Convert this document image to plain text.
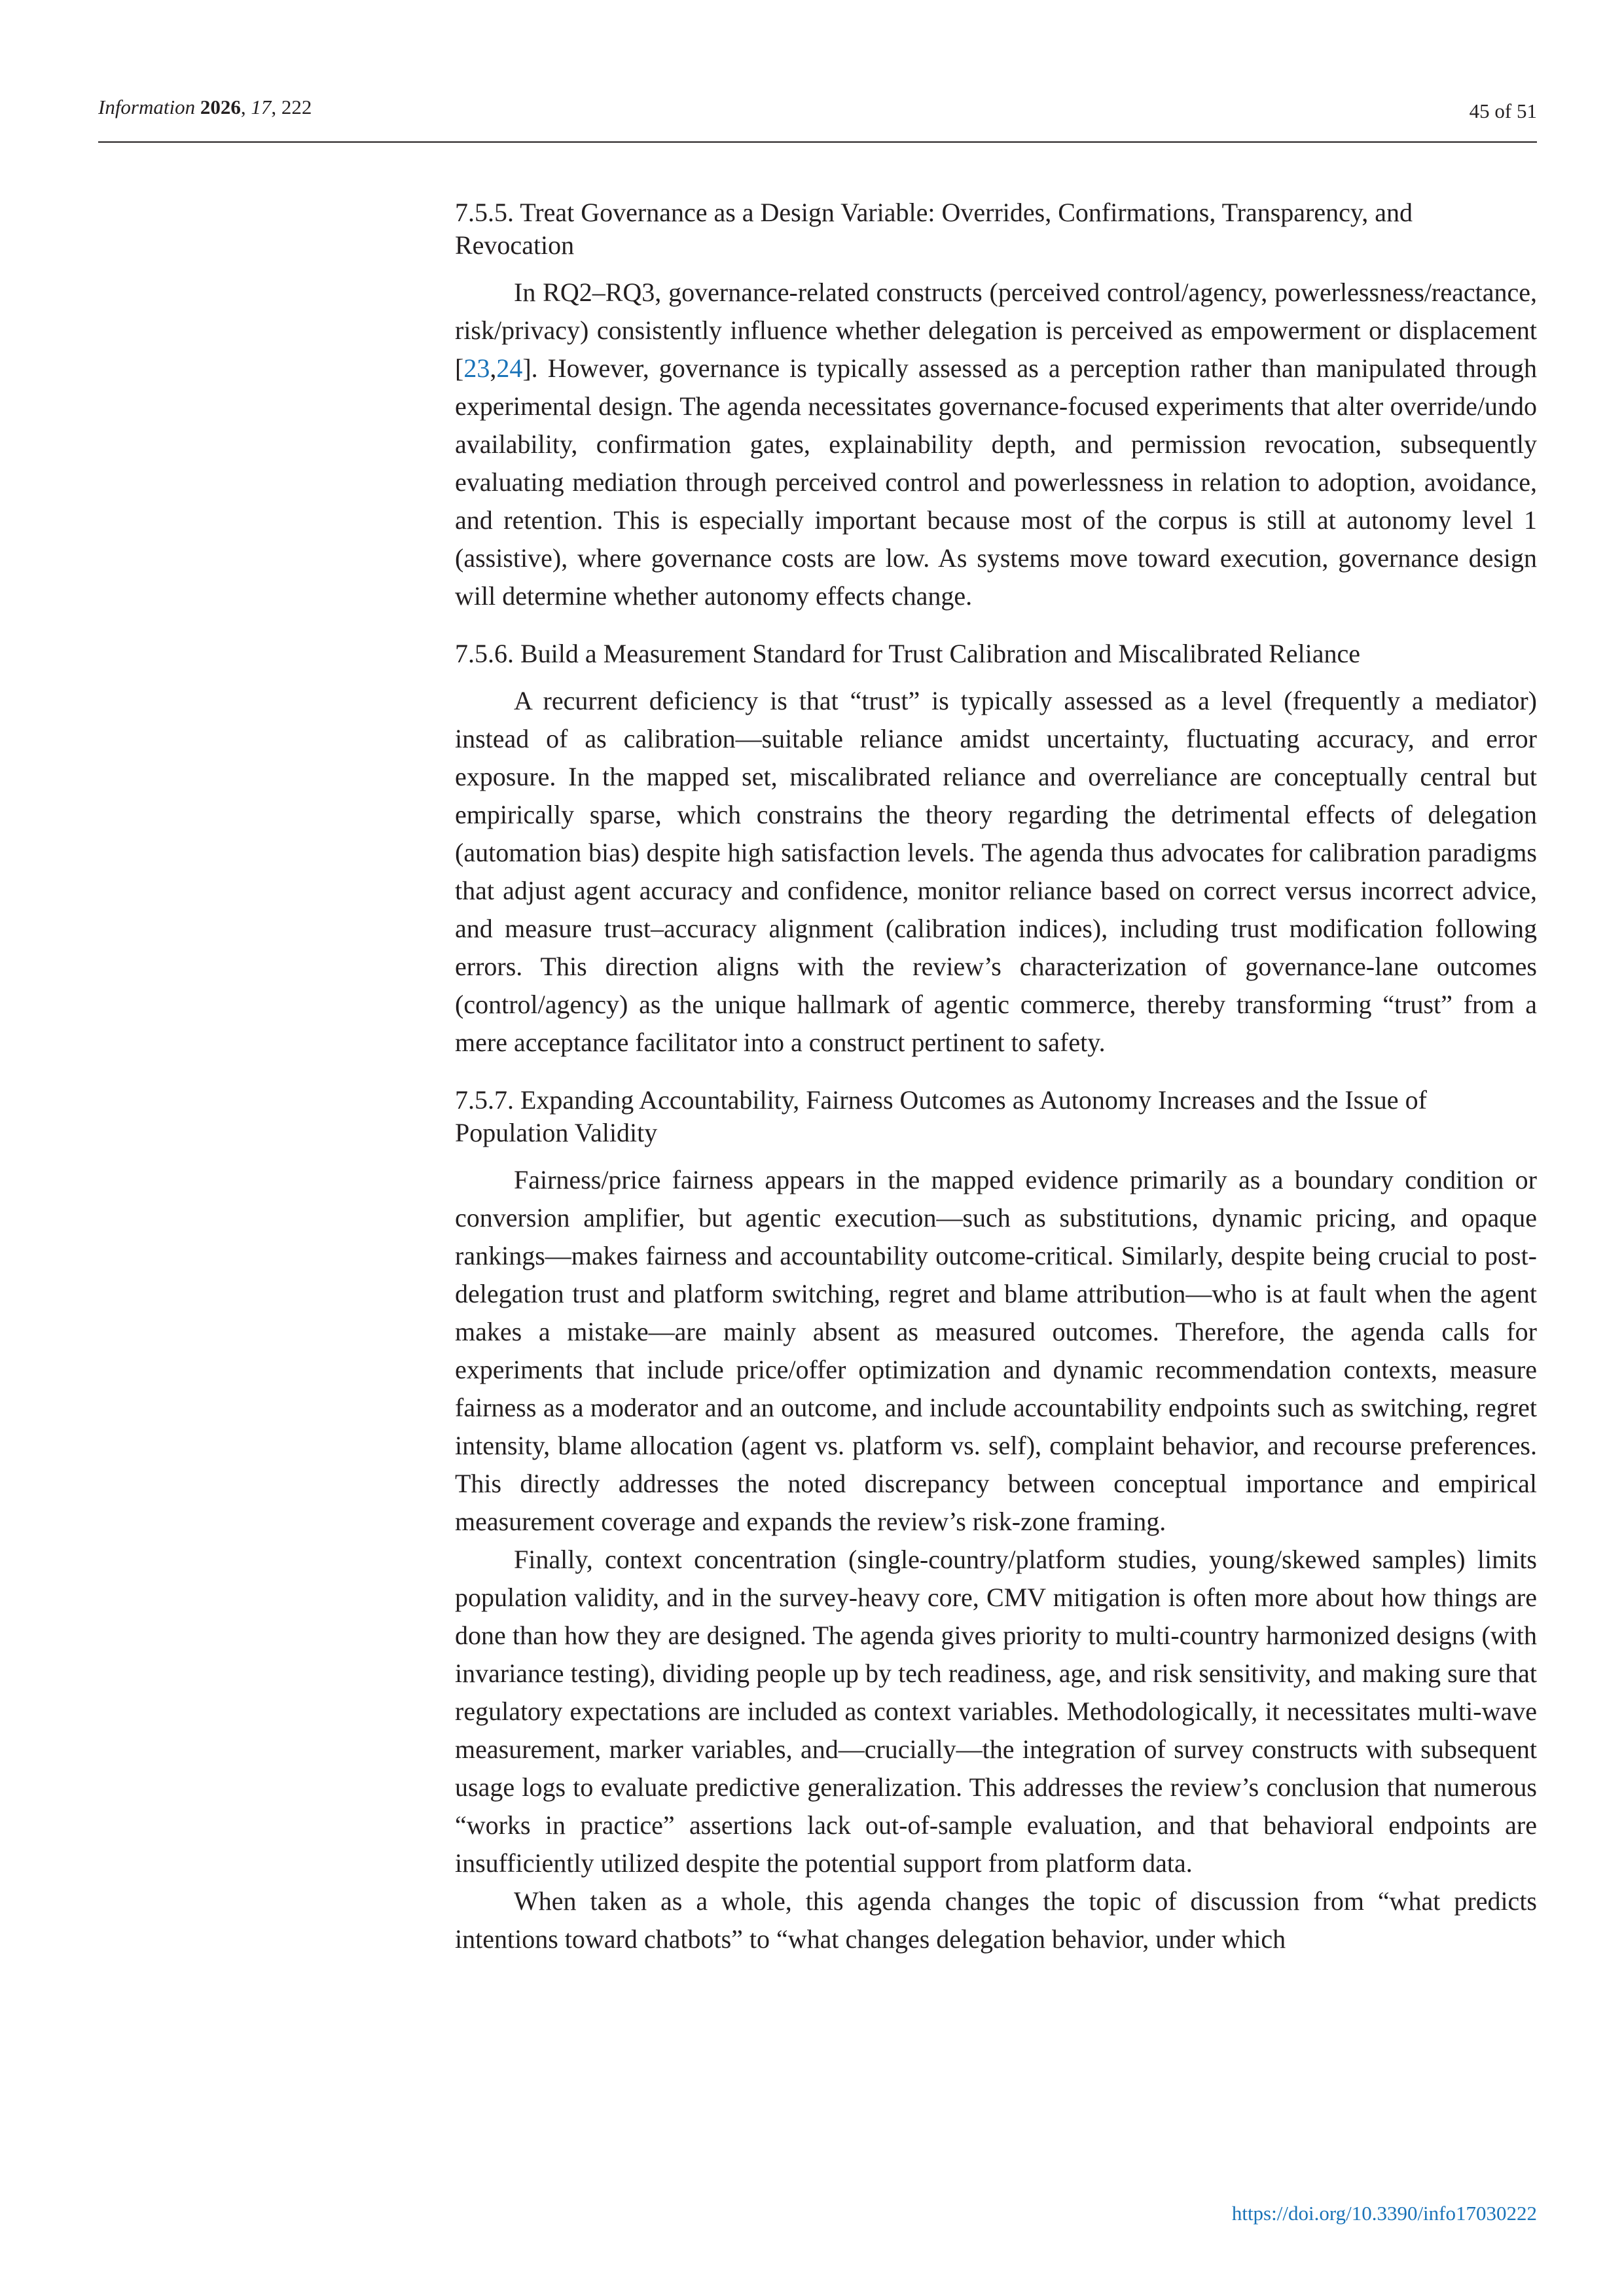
Information 2026, 17, 222	45 of 51
7.5.5. Treat Governance as a Design Variable: Overrides, Confirmations, Transparency, and Revocation

In RQ2–RQ3, governance-related constructs (perceived control/agency, powerlessness/reactance, risk/privacy) consistently influence whether delegation is perceived as empowerment or displacement [23,24]. However, governance is typically assessed as a perception rather than manipulated through experimental design. The agenda necessitates governance-focused experiments that alter override/undo availability, confirmation gates, explainability depth, and permission revocation, subsequently evaluating mediation through perceived control and powerlessness in relation to adoption, avoidance, and retention. This is especially important because most of the corpus is still at autonomy level 1 (assistive), where governance costs are low. As systems move toward execution, governance design will determine whether autonomy effects change.

7.5.6. Build a Measurement Standard for Trust Calibration and Miscalibrated Reliance

A recurrent deficiency is that “trust” is typically assessed as a level (frequently a mediator) instead of as calibration—suitable reliance amidst uncertainty, fluctuating accuracy, and error exposure. In the mapped set, miscalibrated reliance and overreliance are conceptually central but empirically sparse, which constrains the theory regarding the detrimental effects of delegation (automation bias) despite high satisfaction levels. The agenda thus advocates for calibration paradigms that adjust agent accuracy and confidence, monitor reliance based on correct versus incorrect advice, and measure trust–accuracy alignment (calibration indices), including trust modification following errors. This direction aligns with the review’s characterization of governance-lane outcomes (control/agency) as the unique hallmark of agentic commerce, thereby transforming “trust” from a mere acceptance facilitator into a construct pertinent to safety.

7.5.7. Expanding Accountability, Fairness Outcomes as Autonomy Increases and the Issue of Population Validity

Fairness/price fairness appears in the mapped evidence primarily as a boundary condition or conversion amplifier, but agentic execution—such as substitutions, dynamic pricing, and opaque rankings—makes fairness and accountability outcome-critical. Similarly, despite being crucial to post-delegation trust and platform switching, regret and blame attribution—who is at fault when the agent makes a mistake—are mainly absent as measured outcomes. Therefore, the agenda calls for experiments that include price/offer optimization and dynamic recommendation contexts, measure fairness as a moderator and an outcome, and include accountability endpoints such as switching, regret intensity, blame allocation (agent vs. platform vs. self), complaint behavior, and recourse preferences. This directly addresses the noted discrepancy between conceptual importance and empirical measurement coverage and expands the review’s risk-zone framing.

Finally, context concentration (single-country/platform studies, young/skewed samples) limits population validity, and in the survey-heavy core, CMV mitigation is often more about how things are done than how they are designed. The agenda gives priority to multi-country harmonized designs (with invariance testing), dividing people up by tech readiness, age, and risk sensitivity, and making sure that regulatory expectations are included as context variables. Methodologically, it necessitates multi-wave measurement, marker variables, and—crucially—the integration of survey constructs with subsequent usage logs to evaluate predictive generalization. This addresses the review’s conclusion that numerous “works in practice” assertions lack out-of-sample evaluation, and that behavioral endpoints are insufficiently utilized despite the potential support from platform data.

When taken as a whole, this agenda changes the topic of discussion from “what predicts intentions toward chatbots” to “what changes delegation behavior, under which

https://doi.org/10.3390/info17030222
